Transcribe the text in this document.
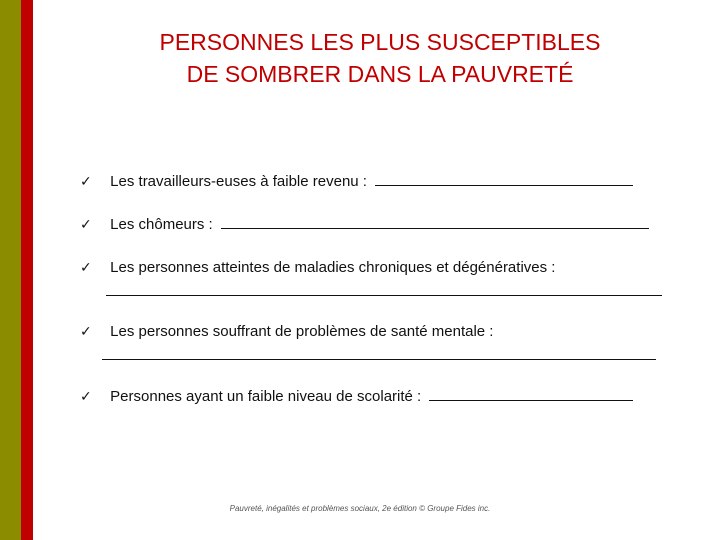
PERSONNES LES PLUS SUSCEPTIBLES
DE SOMBRER DANS LA PAUVRETÉ
✓ Les travailleurs-euses à faible revenu :
✓ Les chômeurs :
✓ Les personnes atteintes de maladies chroniques et dégénératives :
✓ Les personnes souffrant de problèmes de santé mentale :
✓ Personnes ayant un faible niveau de scolarité :
Pauvreté, inégalités et problèmes sociaux, 2e édition © Groupe Fides inc.
